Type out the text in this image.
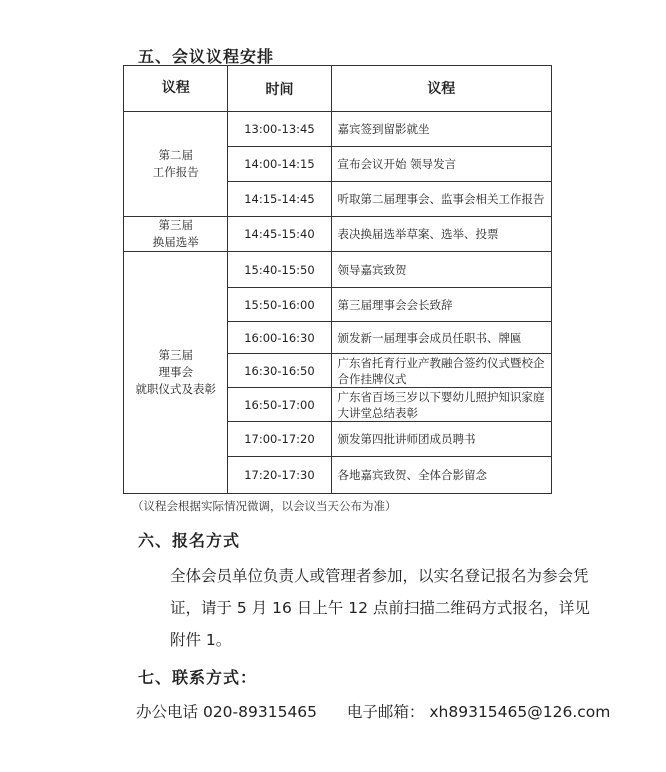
五、会议议程安排
议程	时间	议程
第二届
工作报告	13:00-13:45	嘉宾签到留影就坐
	14:00-14:15	宣布会议开始 领导发言
	14:15-14:45	听取第二届理事会、监事会相关工作报告
第三届
换届选举	14:45-15:40	表决换届选举草案、选举、投票
第三届
理事会
就职仪式及表彰	15:40-15:50	领导嘉宾致贺
	15:50-16:00	第三届理事会会长致辞
	16:00-16:30	颁发新一届理事会成员任职书、牌匾
	16:30-16:50	广东省托育行业产教融合签约仪式暨校企合作挂牌仪式
	16:50-17:00	广东省百场三岁以下婴幼儿照护知识家庭大讲堂总结表彰
	17:00-17:20	颁发第四批讲师团成员聘书
	17:20-17:30	各地嘉宾致贺、全体合影留念
（议程会根据实际情况微调，以会议当天公布为准）
六、报名方式
全体会员单位负责人或管理者参加，以实名登记报名为参会凭证，请于 5 月 16 日上午 12 点前扫描二维码方式报名，详见附件 1。
七、联系方式：
办公电话 020-89315465 电子邮箱： xh89315465@126.com
